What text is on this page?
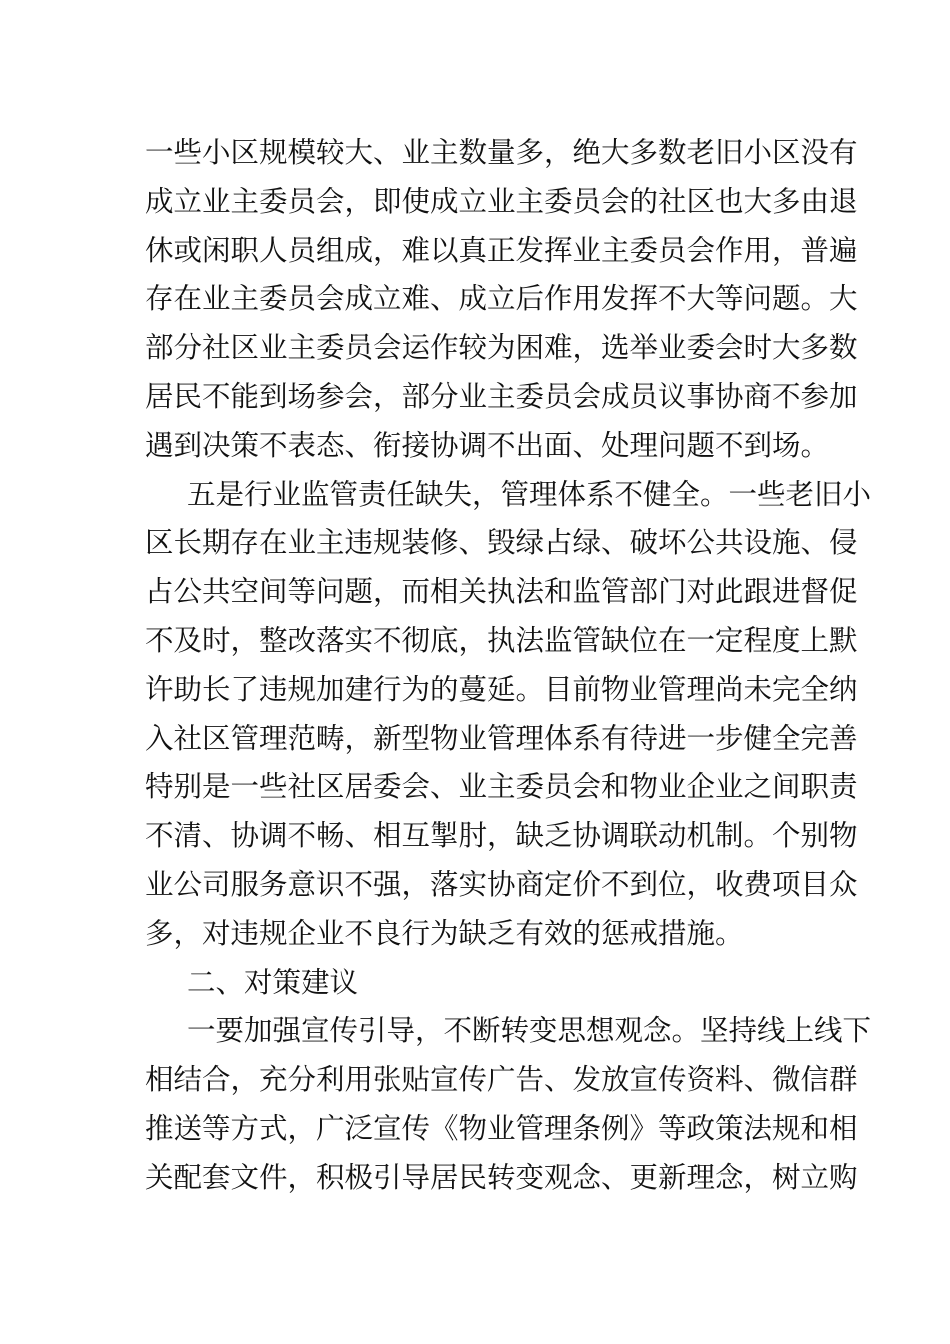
一些小区规模较大、业主数量多，绝大多数老旧小区没有
成立业主委员会，即使成立业主委员会的社区也大多由退
休或闲职人员组成，难以真正发挥业主委员会作用，普遍
存在业主委员会成立难、成立后作用发挥不大等问题。大
部分社区业主委员会运作较为困难，选举业委会时大多数
居民不能到场参会，部分业主委员会成员议事协商不参加
遇到决策不表态、衔接协调不出面、处理问题不到场。
五是行业监管责任缺失，管理体系不健全。一些老旧小
区长期存在业主违规装修、毁绿占绿、破坏公共设施、侵
占公共空间等问题，而相关执法和监管部门对此跟进督促
不及时，整改落实不彻底，执法监管缺位在一定程度上默
许助长了违规加建行为的蔓延。目前物业管理尚未完全纳
入社区管理范畴，新型物业管理体系有待进一步健全完善
特别是一些社区居委会、业主委员会和物业企业之间职责
不清、协调不畅、相互掣肘，缺乏协调联动机制。个别物
业公司服务意识不强，落实协商定价不到位，收费项目众
多，对违规企业不良行为缺乏有效的惩戒措施。
二、对策建议
一要加强宣传引导，不断转变思想观念。坚持线上线下
相结合，充分利用张贴宣传广告、发放宣传资料、微信群
推送等方式，广泛宣传《物业管理条例》等政策法规和相
关配套文件，积极引导居民转变观念、更新理念，树立购
